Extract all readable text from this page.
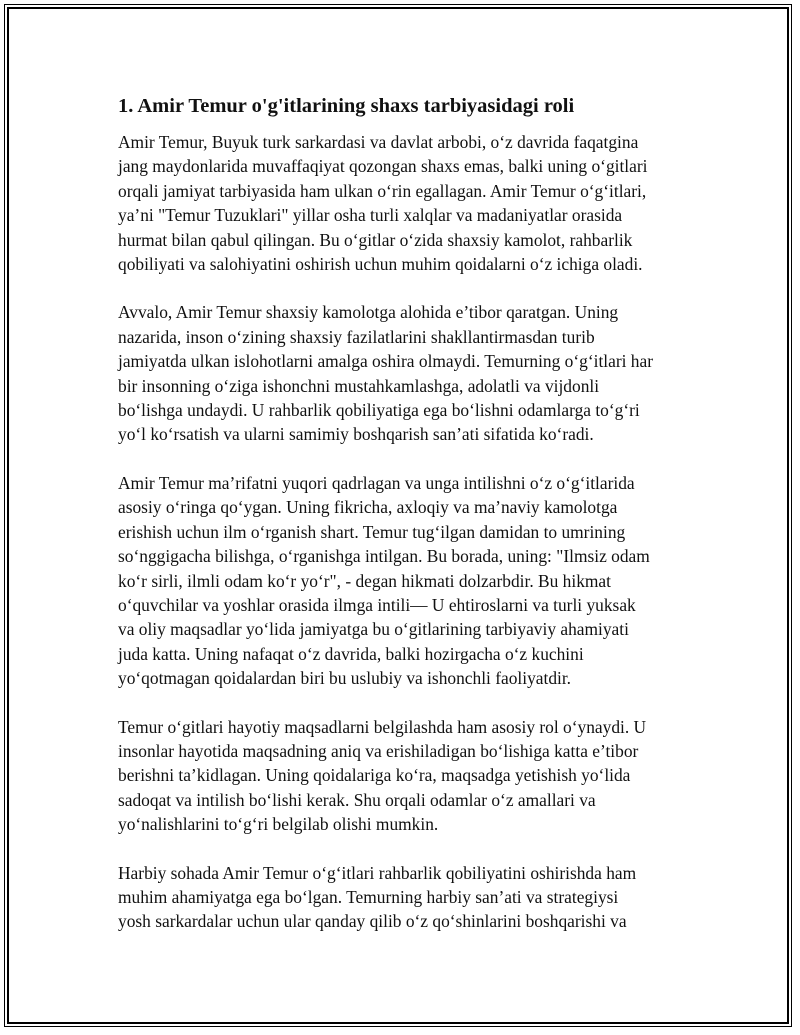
1. Amir Temur o'g'itlarining shaxs tarbiyasidagi roli
Amir Temur, Buyuk turk sarkardasi va davlat arbobi, o‘z davrida faqatgina
jang maydonlarida muvaffaqiyat qozongan shaxs emas, balki uning o‘gitlari
orqali jamiyat tarbiyasida ham ulkan o‘rin egallagan. Amir Temur o‘g‘itlari,
ya’ni "Temur Tuzuklari" yillar osha turli xalqlar va madaniyatlar orasida
hurmat bilan qabul qilingan. Bu o‘gitlar o‘zida shaxsiy kamolot, rahbarlik
qobiliyati va salohiyatini oshirish uchun muhim qoidalarni o‘z ichiga oladi.
Avvalo, Amir Temur shaxsiy kamolotga alohida e’tibor qaratgan. Uning
nazarida, inson o‘zining shaxsiy fazilatlarini shakllantirmasdan turib
jamiyatda ulkan islohotlarni amalga oshira olmaydi. Temurning o‘g‘itlari har
bir insonning o‘ziga ishonchni mustahkamlashga, adolatli va vijdonli
bo‘lishga undaydi. U rahbarlik qobiliyatiga ega bo‘lishni odamlarga to‘g‘ri
yo‘l ko‘rsatish va ularni samimiy boshqarish san’ati sifatida ko‘radi.
Amir Temur ma’rifatni yuqori qadrlagan va unga intilishni o‘z o‘g‘itlarida
asosiy o‘ringa qo‘ygan. Uning fikricha, axloqiy va ma’naviy kamolotga
erishish uchun ilm o‘rganish shart. Temur tug‘ilgan damidan to umrining
so‘nggigacha bilishga, o‘rganishga intilgan. Bu borada, uning: "Ilmsiz odam
ko‘r sirli, ilmli odam ko‘r yo‘r", - degan hikmati dolzarbdir. Bu hikmat
o‘quvchilar va yoshlar orasida ilmga intili— U ehtiroslarni va turli yuksak
va oliy maqsadlar yo‘lida jamiyatga bu o‘gitlarining tarbiyaviy ahamiyati
juda katta. Uning nafaqat o‘z davrida, balki hozirgacha o‘z kuchini
yo‘qotmagan qoidalardan biri bu uslubiy va ishonchli faoliyatdir.
Temur o‘gitlari hayotiy maqsadlarni belgilashda ham asosiy rol o‘ynaydi. U
insonlar hayotida maqsadning aniq va erishiladigan bo‘lishiga katta e’tibor
berishni ta’kidlagan. Uning qoidalariga ko‘ra, maqsadga yetishish yo‘lida
sadoqat va intilish bo‘lishi kerak. Shu orqali odamlar o‘z amallari va
yo‘nalishlarini to‘g‘ri belgilab olishi mumkin.
Harbiy sohada Amir Temur o‘g‘itlari rahbarlik qobiliyatini oshirishda ham
muhim ahamiyatga ega bo‘lgan. Temurning harbiy san’ati va strategiysi
yosh sarkardalar uchun ular qanday qilib o‘z qo‘shinlarini boshqarishi va
